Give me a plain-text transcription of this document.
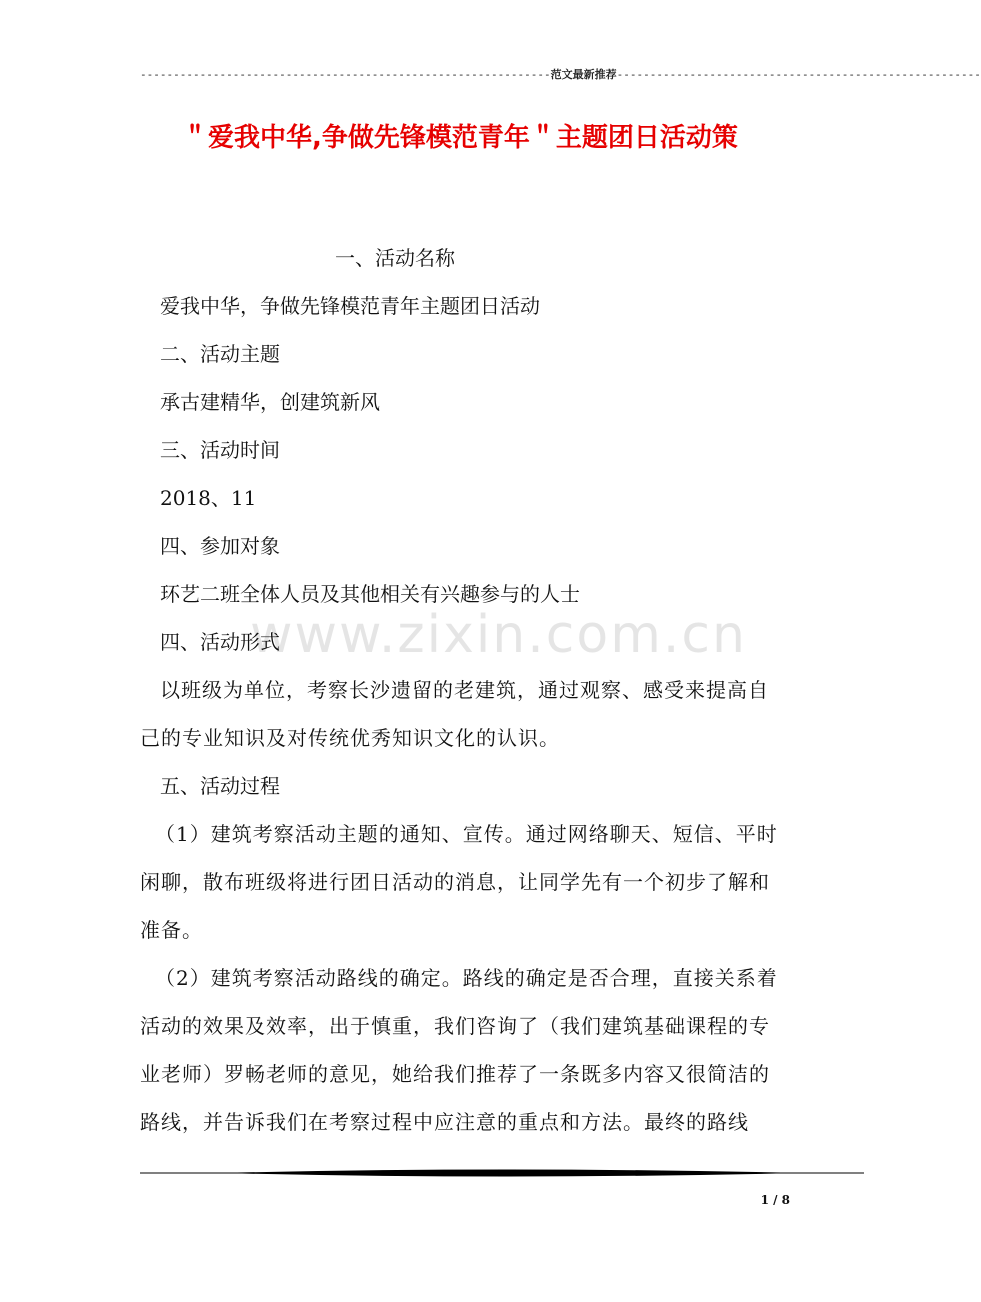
--------------------------------------------------------------范文最新推荐-------------------------------------------------------
＂爱我中华,争做先锋模范青年＂主题团日活动策
一、活动名称
爱我中华，争做先锋模范青年主题团日活动
二、活动主题
承古建精华，创建筑新风
三、活动时间
2018、11
四、参加对象
环艺二班全体人员及其他相关有兴趣参与的人士
www.zixin.com.cn
四、活动形式
以班级为单位，考察长沙遗留的老建筑，通过观察、感受来提高自己的专业知识及对传统优秀知识文化的认识。
五、活动过程
（1）建筑考察活动主题的通知、宣传。通过网络聊天、短信、平时闲聊，散布班级将进行团日活动的消息，让同学先有一个初步了解和准备。
（2）建筑考察活动路线的确定。路线的确定是否合理，直接关系着活动的效果及效率，出于慎重，我们咨询了（我们建筑基础课程的专业老师）罗畅老师的意见，她给我们推荐了一条既多内容又很简洁的路线，并告诉我们在考察过程中应注意的重点和方法。最终的路线
1 / 8
